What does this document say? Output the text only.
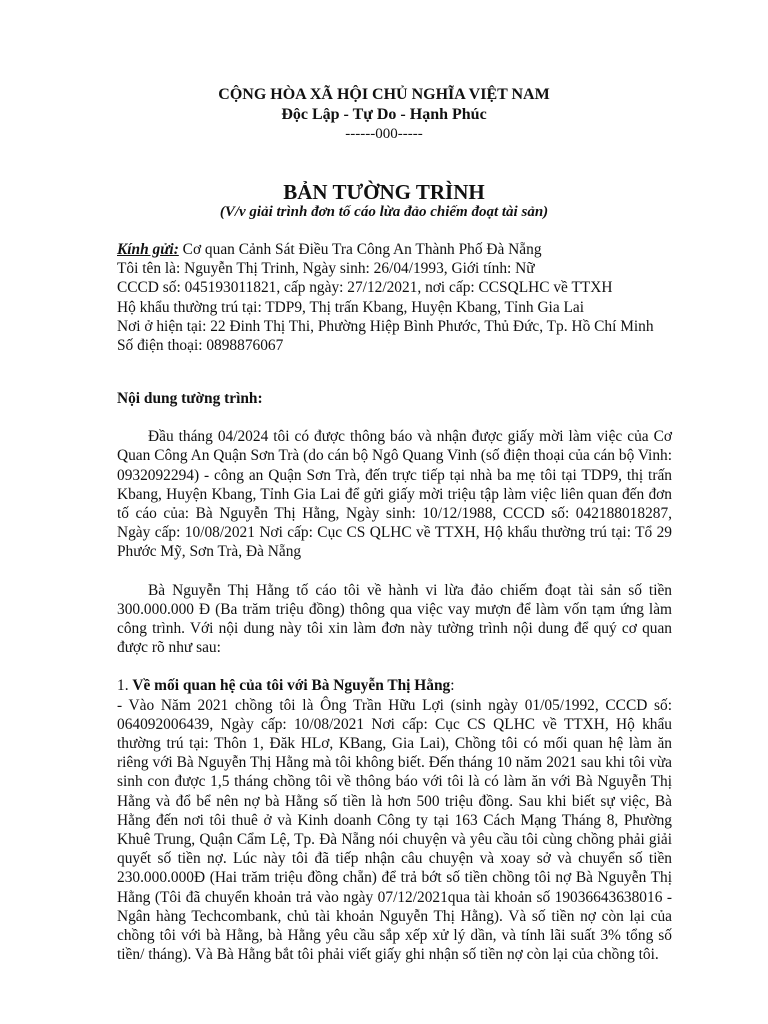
CỘNG HÒA XÃ HỘI CHỦ NGHĨA VIỆT NAM
Độc Lập - Tự Do - Hạnh Phúc
------000-----
BẢN TƯỜNG TRÌNH
(V/v giải trình đơn tố cáo lừa đảo chiếm đoạt tài sản)

Kính gửi: Cơ quan Cảnh Sát Điều Tra Công An Thành Phố Đà Nẵng

Tôi tên là: Nguyễn Thị Trinh, Ngày sinh: 26/04/1993, Giới tính: Nữ

CCCD số: 045193011821, cấp ngày: 27/12/2021, nơi cấp: CCSQLHC về TTXH

Hộ khẩu thường trú tại: TDP9, Thị trấn Kbang, Huyện Kbang, Tỉnh Gia Lai

Nơi ở hiện tại: 22 Đinh Thị Thi, Phường Hiệp Bình Phước, Thủ Đức, Tp. Hồ Chí Minh

Số điện thoại: 0898876067

Nội dung tường trình:

Đầu tháng 04/2024 tôi có được thông báo và nhận được giấy mời làm việc của Cơ Quan Công An Quận Sơn Trà (do cán bộ Ngô Quang Vinh (số điện thoại của cán bộ Vinh: 0932092294) - công an Quận Sơn Trà, đến trực tiếp tại nhà ba mẹ tôi tại TDP9, thị trấn Kbang, Huyện Kbang, Tỉnh Gia Lai để gửi giấy mời triệu tập làm việc liên quan đến đơn tố cáo của: Bà Nguyễn Thị Hằng, Ngày sinh: 10/12/1988, CCCD số: 042188018287, Ngày cấp: 10/08/2021 Nơi cấp: Cục CS QLHC về TTXH, Hộ khẩu thường trú tại: Tổ 29 Phước Mỹ, Sơn Trà, Đà Nẵng

Bà Nguyễn Thị Hằng tố cáo tôi về hành vi lừa đảo chiếm đoạt tài sản số tiền 300.000.000 Đ (Ba trăm triệu đồng) thông qua việc vay mượn để làm vốn tạm ứng làm công trình. Với nội dung này tôi xin làm đơn này tường trình nội dung để quý cơ quan được rõ như sau:

1. Về mối quan hệ của tôi với Bà Nguyễn Thị Hằng:

- Vào Năm 2021 chồng tôi là Ông Trần Hữu Lợi (sinh ngày 01/05/1992, CCCD số: 064092006439, Ngày cấp: 10/08/2021 Nơi cấp: Cục CS QLHC về TTXH, Hộ khẩu thường trú tại: Thôn 1, Đăk HLơ, KBang, Gia Lai), Chồng tôi có mối quan hệ làm ăn riêng với Bà Nguyễn Thị Hằng mà tôi không biết. Đến tháng 10 năm 2021 sau khi tôi vừa sinh con được 1,5 tháng chồng tôi về thông báo với tôi là có làm ăn với Bà Nguyễn Thị Hằng và đổ bể nên nợ bà Hằng số tiền là hơn 500 triệu đồng. Sau khi biết sự việc, Bà Hằng đến nơi tôi thuê ở và Kinh doanh Công ty tại 163 Cách Mạng Tháng 8, Phường Khuê Trung, Quận Cẩm Lệ, Tp. Đà Nẵng nói chuyện và yêu cầu tôi cùng chồng phải giải quyết số tiền nợ. Lúc này tôi đã tiếp nhận câu chuyện và xoay sở và chuyển số tiền 230.000.000Đ (Hai trăm triệu đồng chẵn) để trả bớt số tiền chồng tôi nợ Bà Nguyễn Thị Hằng (Tôi đã chuyển khoản trả vào ngày 07/12/2021qua tài khoản số 19036643638016 - Ngân hàng Techcombank, chủ tài khoản Nguyễn Thị Hằng). Và số tiền nợ còn lại của chồng tôi với bà Hằng, bà Hằng yêu cầu sắp xếp xử lý dần, và tính lãi suất 3% tổng số tiền/ tháng). Và Bà Hằng bắt tôi phải viết giấy ghi nhận số tiền nợ còn lại của chồng tôi.
